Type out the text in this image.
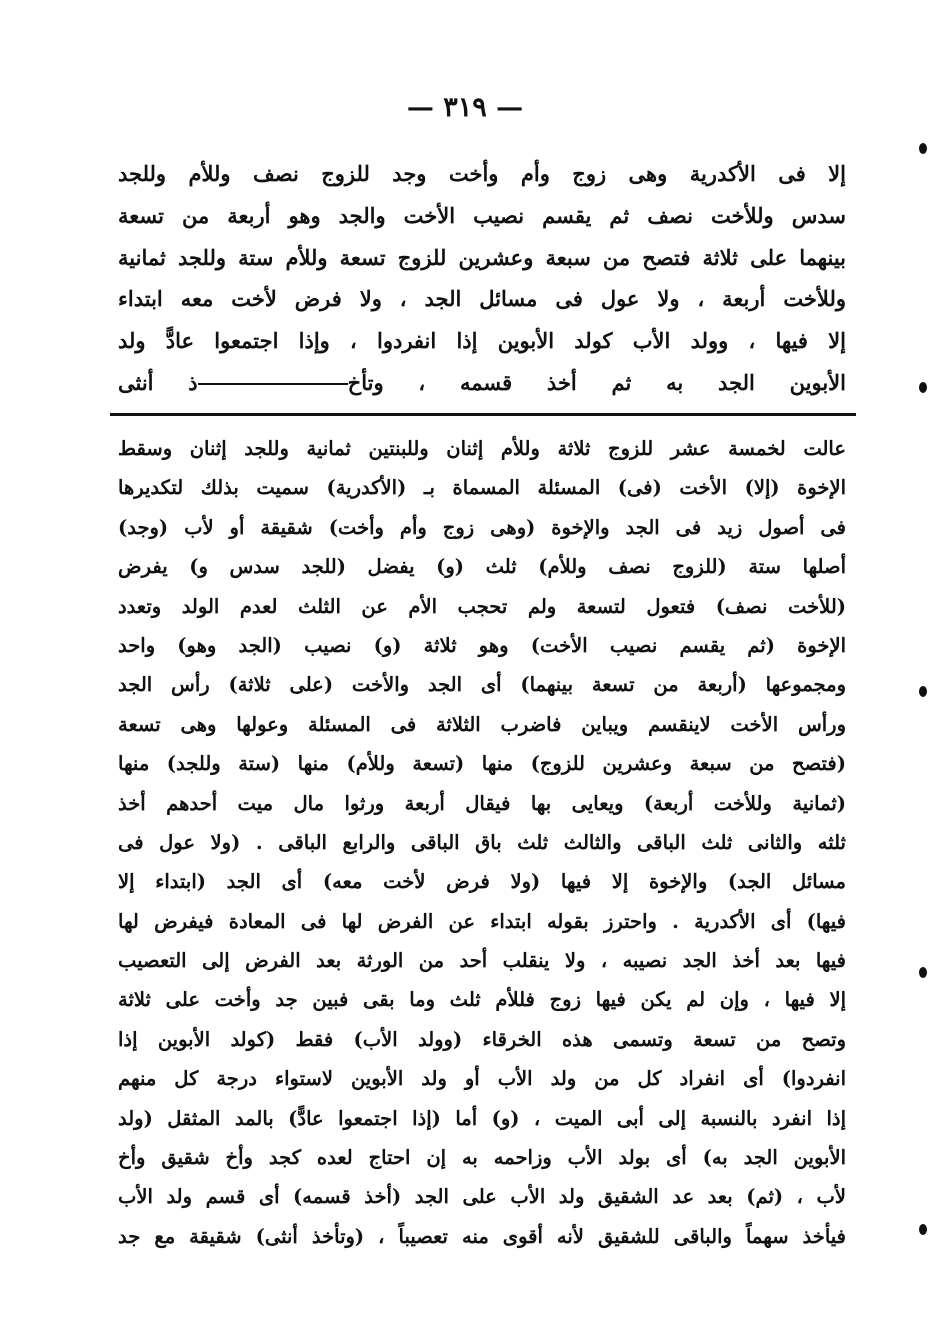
— ٣١٩ —
إلا فى الأكدرية وهى زوج وأم وأخت وجد للزوج نصف وللأم وللجد
سدس وللأخت نصف ثم يقسم نصيب الأخت والجد وهو أربعة من تسعة
بينهما على ثلاثة فتصح من سبعة وعشرين للزوج تسعة وللأم ستة وللجد ثمانية
وللأخت أربعة ، ولا عول فى مسائل الجد ، ولا فرض لأخت معه ابتداء
إلا فيها ، وولد الأب كولد الأبوين إذا انفردوا ، وإذا اجتمعوا عادًّ ولد
الأبوين الجد به ثم أخذ قسمه ، وتأخذ أنثى
عالت لخمسة عشر للزوج ثلاثة وللأم إثنان وللبنتين ثمانية وللجد إثنان وسقط
الإخوة (إلا) الأخت (فى) المسئلة المسماة بـ (الأكدرية) سميت بذلك لتكديرها
فى أصول زيد فى الجد والإخوة (وهى زوج وأم وأخت) شقيقة أو لأب (وجد)
أصلها ستة (للزوج نصف وللأم) ثلث (و) يفضل (للجد سدس و) يفرض
(للأخت نصف) فتعول لتسعة ولم تحجب الأم عن الثلث لعدم الولد وتعدد
الإخوة (ثم يقسم نصيب الأخت) وهو ثلاثة (و) نصيب (الجد وهو) واحد
ومجموعها (أربعة من تسعة بينهما) أى الجد والأخت (على ثلاثة) رأس الجد
ورأس الأخت لاينقسم ويباين فاضرب الثلاثة فى المسئلة وعولها وهى تسعة
(فتصح من سبعة وعشرين للزوج) منها (تسعة وللأم) منها (ستة وللجد) منها
(ثمانية وللأخت أربعة) ويعايى بها فيقال أربعة ورثوا مال ميت أحدهم أخذ
ثلثه والثانى ثلث الباقى والثالث ثلث باق الباقى والرابع الباقى . (ولا عول فى
مسائل الجد) والإخوة إلا فيها (ولا فرض لأخت معه) أى الجد (ابتداء إلا
فيها) أى الأكدرية . واحترز بقوله ابتداء عن الفرض لها فى المعادة فيفرض لها
فيها بعد أخذ الجد نصيبه ، ولا ينقلب أحد من الورثة بعد الفرض إلى التعصيب
إلا فيها ، وإن لم يكن فيها زوج فللأم ثلث وما بقى فبين جد وأخت على ثلاثة
وتصح من تسعة وتسمى هذه الخرقاء (وولد الأب) فقط (كولد الأبوين إذا
انفردوا) أى انفراد كل من ولد الأب أو ولد الأبوين لاستواء درجة كل منهم
إذا انفرد بالنسبة إلى أبى الميت ، (و) أما (إذا اجتمعوا عادًّ) بالمد المثقل (ولد
الأبوين الجد به) أى بولد الأب وزاحمه به إن احتاج لعده كجد وأخ شقيق وأخ
لأب ، (ثم) بعد عد الشقيق ولد الأب على الجد (أخذ قسمه) أى قسم ولد الأب
فيأخذ سهماً والباقى للشقيق لأنه أقوى منه تعصيباً ، (وتأخذ أنثى) شقيقة مع جد
